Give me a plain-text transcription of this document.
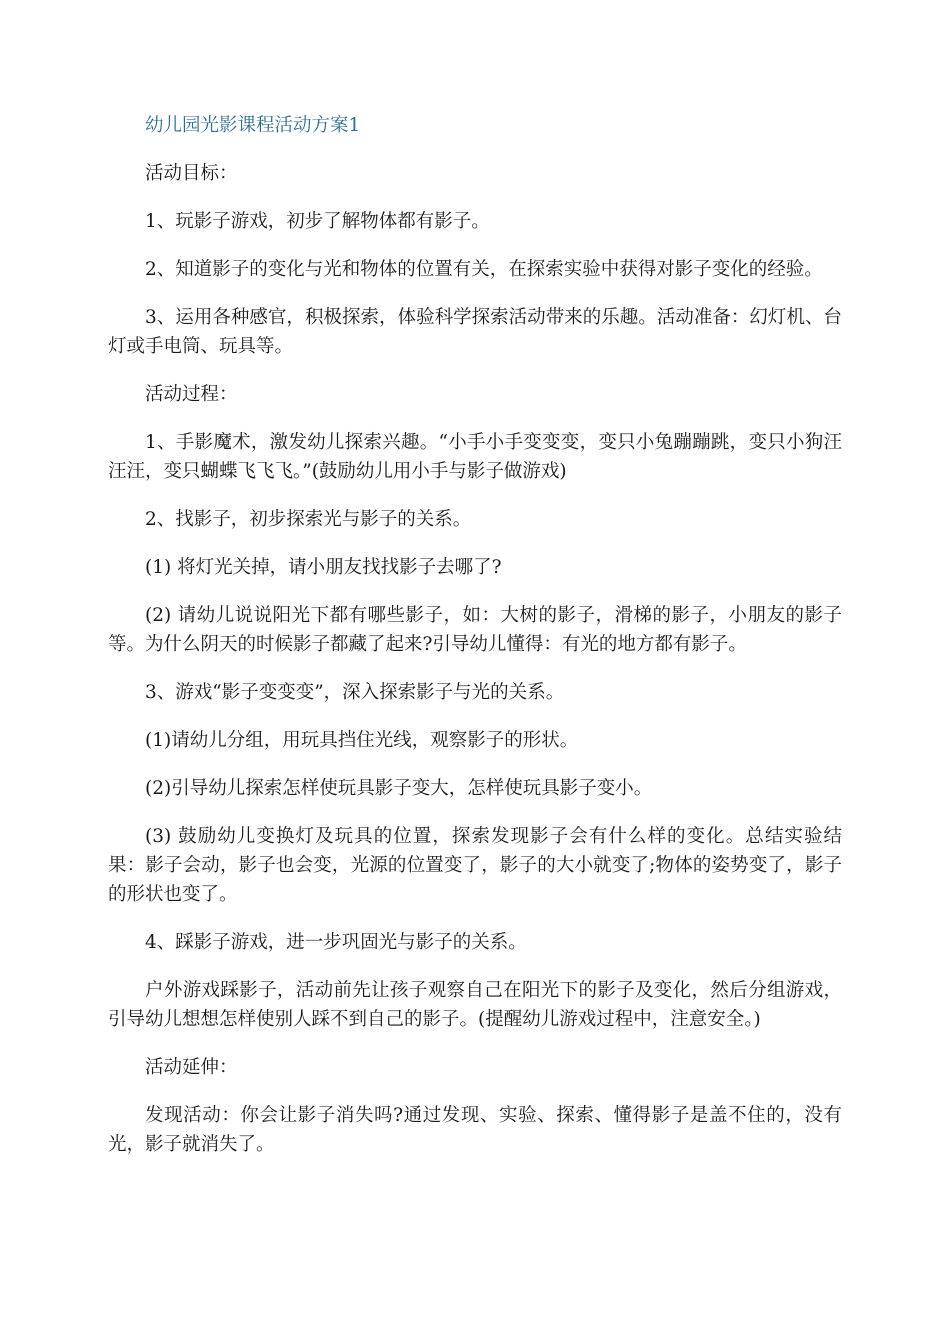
幼儿园光影课程活动方案1

活动目标：

1、玩影子游戏，初步了解物体都有影子。

2、知道影子的变化与光和物体的位置有关，在探索实验中获得对影子变化的经验。

3、运用各种感官，积极探索，体验科学探索活动带来的乐趣。活动准备：幻灯机、台灯或手电筒、玩具等。

活动过程：

1、手影魔术，激发幼儿探索兴趣。“小手小手变变变，变只小兔蹦蹦跳，变只小狗汪汪汪，变只蝴蝶飞飞飞。”(鼓励幼儿用小手与影子做游戏)

2、找影子，初步探索光与影子的关系。

(1) 将灯光关掉，请小朋友找找影子去哪了?

(2) 请幼儿说说阳光下都有哪些影子，如：大树的影子，滑梯的影子，小朋友的影子等。为什么阴天的时候影子都藏了起来?引导幼儿懂得：有光的地方都有影子。

3、游戏“影子变变变”，深入探索影子与光的关系。

(1)请幼儿分组，用玩具挡住光线，观察影子的形状。

(2)引导幼儿探索怎样使玩具影子变大，怎样使玩具影子变小。

(3) 鼓励幼儿变换灯及玩具的位置，探索发现影子会有什么样的变化。总结实验结果：影子会动，影子也会变，光源的位置变了，影子的大小就变了;物体的姿势变了，影子的形状也变了。

4、踩影子游戏，进一步巩固光与影子的关系。

户外游戏踩影子，活动前先让孩子观察自己在阳光下的影子及变化，然后分组游戏，引导幼儿想想怎样使别人踩不到自己的影子。(提醒幼儿游戏过程中，注意安全。)

活动延伸：

发现活动：你会让影子消失吗?通过发现、实验、探索、懂得影子是盖不住的，没有光，影子就消失了。
